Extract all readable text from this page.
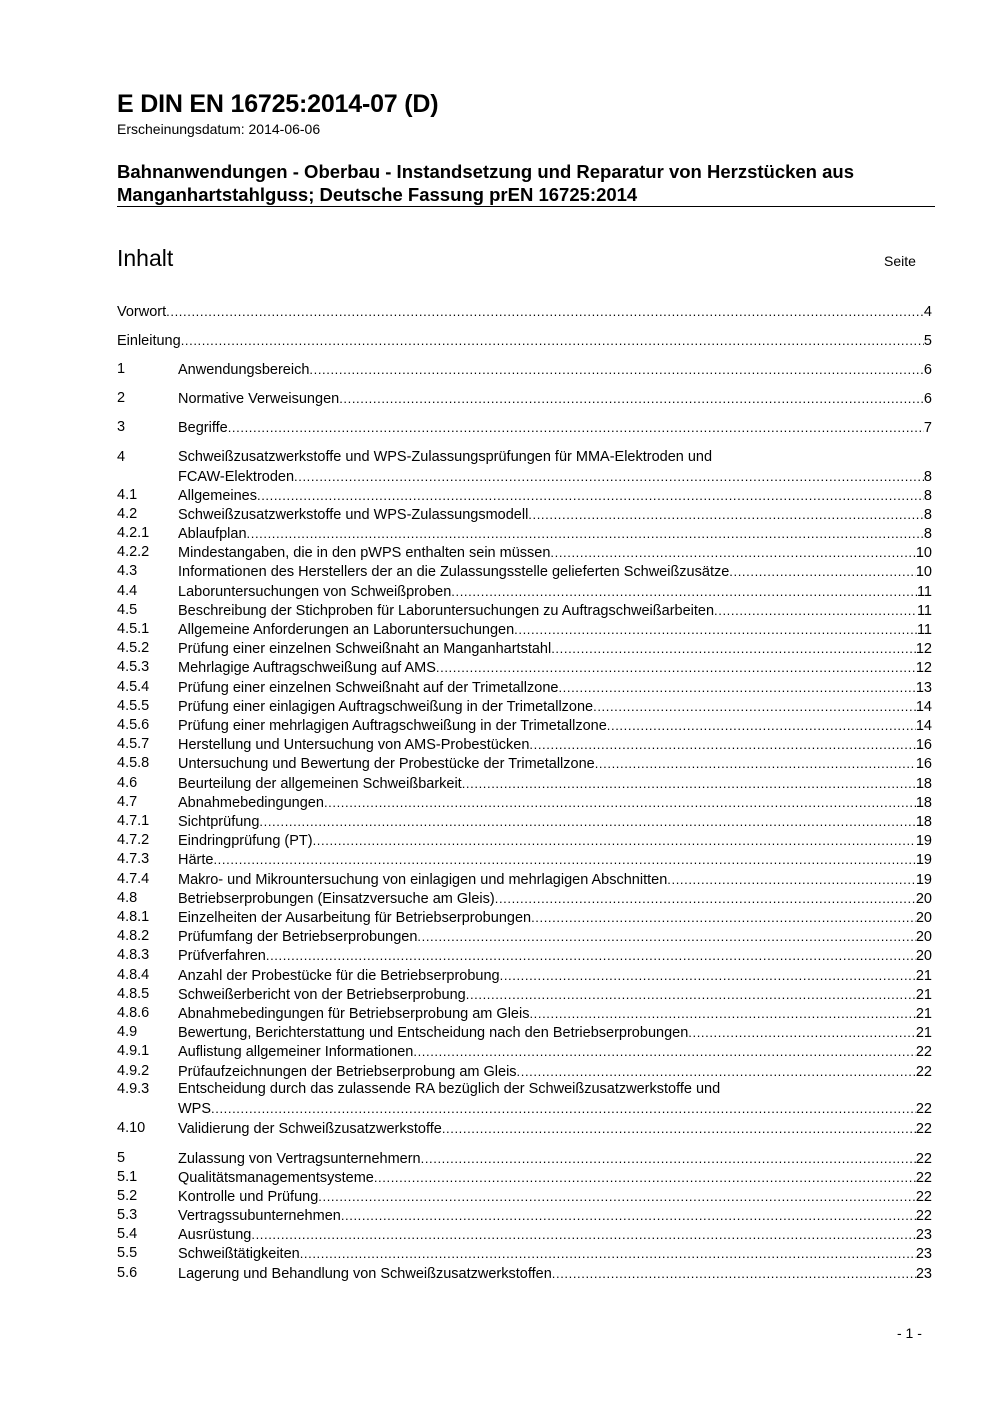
E DIN EN 16725:2014-07 (D)
Erscheinungsdatum: 2014-06-06
Bahnanwendungen - Oberbau - Instandsetzung und Reparatur von Herzstücken aus Manganhartstahlguss; Deutsche Fassung prEN 16725:2014
Inhalt	Seite
Vorwort .....	4
Einleitung .....	5
1	Anwendungsbereich .....	6
2	Normative Verweisungen .....	6
3	Begriffe .....	7
4	Schweißzusatzwerkstoffe und WPS-Zulassungsprüfungen für MMA-Elektroden und
FCAW-Elektroden .....	8
4.1	Allgemeines .....	8
4.2	Schweißzusatzwerkstoffe und WPS-Zulassungsmodell .....	8
4.2.1 Ablaufplan .....	8
4.2.2 Mindestangaben, die in den pWPS enthalten sein müssen .....	10
4.3	Informationen des Herstellers der an die Zulassungsstelle gelieferten Schweißzusätze .....	10
4.4	Laboruntersuchungen von Schweißproben .....	11
4.5	Beschreibung der Stichproben für Laboruntersuchungen zu Auftragschweißarbeiten .....	11
4.5.1 Allgemeine Anforderungen an Laboruntersuchungen .....	11
4.5.2 Prüfung einer einzelnen Schweißnaht an Manganhartstahl .....	12
4.5.3 Mehrlagige Auftragschweißung auf AMS .....	12
4.5.4 Prüfung einer einzelnen Schweißnaht auf der Trimetallzone .....	13
4.5.5 Prüfung einer einlagigen Auftragschweißung in der Trimetallzone .....	14
4.5.6 Prüfung einer mehrlagigen Auftragschweißung in der Trimetallzone .....	14
4.5.7 Herstellung und Untersuchung von AMS-Probestücken .....	16
4.5.8 Untersuchung und Bewertung der Probestücke der Trimetallzone .....	16
4.6	Beurteilung der allgemeinen Schweißbarkeit .....	18
4.7	Abnahmebedingungen .....	18
4.7.1 Sichtprüfung .....	18
4.7.2 Eindringprüfung (PT) .....	19
4.7.3 Härte .....	19
4.7.4 Makro- und Mikrountersuchung von einlagigen und mehrlagigen Abschnitten .....	19
4.8	Betriebserprobungen (Einsatzversuche am Gleis) .....	20
4.8.1 Einzelheiten der Ausarbeitung für Betriebserprobungen .....	20
4.8.2 Prüfumfang der Betriebserprobungen .....	20
4.8.3 Prüfverfahren .....	20
4.8.4 Anzahl der Probestücke für die Betriebserprobung .....	21
4.8.5 Schweißerbericht von der Betriebserprobung .....	21
4.8.6 Abnahmebedingungen für Betriebserprobung am Gleis .....	21
4.9	Bewertung, Berichterstattung und Entscheidung nach den Betriebserprobungen .....	21
4.9.1 Auflistung allgemeiner Informationen .....	22
4.9.2 Prüfaufzeichnungen der Betriebserprobung am Gleis .....	22
4.9.3 Entscheidung durch das zulassende RA bezüglich der Schweißzusatzwerkstoffe und
WPS .....	22
4.10 Validierung der Schweißzusatzwerkstoffe .....	22
5	Zulassung von Vertragsunternehmern .....	22
5.1	Qualitätsmanagementsysteme .....	22
5.2	Kontrolle und Prüfung .....	22
5.3	Vertragssubunternehmen .....	22
5.4	Ausrüstung .....	23
5.5	Schweißtätigkeiten .....	23
5.6	Lagerung und Behandlung von Schweißzusatzwerkstoffen .....	23
- 1 -
